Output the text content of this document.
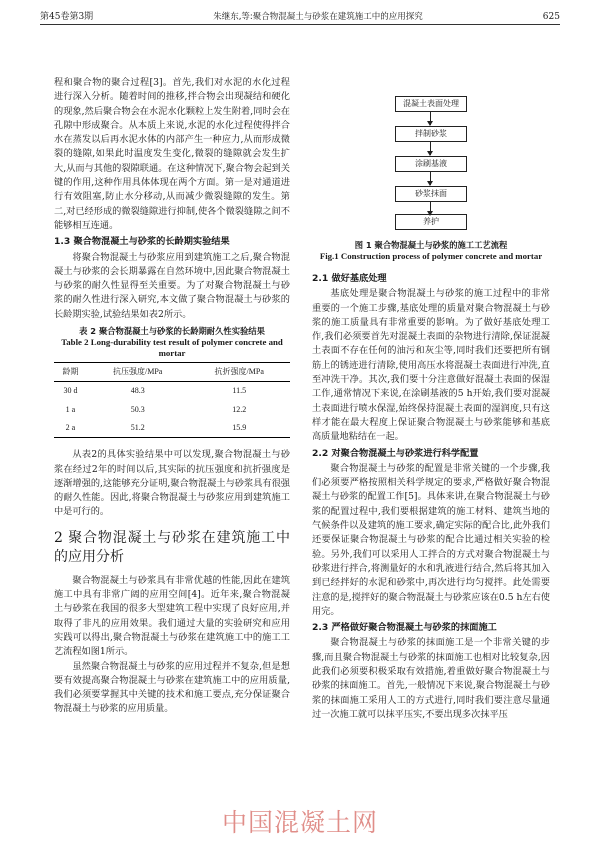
第45卷第3期	朱继东,等:聚合物混凝土与砂浆在建筑施工中的应用探究	625

程和聚合物的聚合过程[3]。首先,我们对水泥的水化过程进行深入分析。随着时间的推移,拌合物会出现凝结和硬化的现象,然后聚合物会在水泥水化颗粒上发生附着,同时会在孔隙中形成聚合。从本质上来说,水泥的水化过程使得拌合水在蒸发以后再水泥水体的内部产生一种应力,从而形成微裂的缝隙,如果此时温度发生变化,微裂的缝隙就会发生扩大,从而与其他的裂隙联通。在这种情况下,聚合物会起到关键的作用,这种作用具体体现在两个方面。第一是对通道进行有效阻塞,防止水分移动,从而减少微裂缝隙的发生。第二,对已经形成的微裂缝隙进行抑制,使各个微裂缝隙之间不能够相互连通。

1.3 聚合物混凝土与砂浆的长龄期实验结果

将聚合物混凝土与砂浆应用到建筑施工之后,聚合物混凝土与砂浆的会长期暴露在自然环境中,因此聚合物混凝土与砂浆的耐久性显得至关重要。为了对聚合物混凝土与砂浆的耐久性进行深入研究,本文做了聚合物混凝土与砂浆的长龄期实验,试验结果如表2所示。

表 2 聚合物混凝土与砂浆的长龄期耐久性实验结果
Table 2 Long-durability test result of polymer concrete and mortar
龄期	抗压强度/MPa	抗折强度/MPa
30 d	48.3	11.5
1 a	50.3	12.2
2 a	51.2	15.9

从表2的具体实验结果中可以发现,聚合物混凝土与砂浆在经过2年的时间以后,其实际的抗压强度和抗折强度是逐渐增强的,这能够充分证明,聚合物混凝土与砂浆具有很强的耐久性能。因此,将聚合物混凝土与砂浆应用到建筑施工中是可行的。

2 聚合物混凝土与砂浆在建筑施工中的应用分析

聚合物混凝土与砂浆具有非常优越的性能,因此在建筑施工中具有非常广阔的应用空间[4]。近年来,聚合物混凝土与砂浆在我国的很多大型建筑工程中实现了良好应用,并取得了非凡的应用效果。我们通过大量的实验研究和应用实践可以得出,聚合物混凝土与砂浆在建筑施工中的施工工艺流程如图1所示。

虽然聚合物混凝土与砂浆的应用过程并不复杂,但是想要有效提高聚合物混凝土与砂浆在建筑施工中的应用质量,我们必须要掌握其中关键的技术和施工要点,充分保证聚合物混凝土与砂浆的应用质量。

混凝土表面处理
拌制砂浆
涂刷基液
砂浆抹面
养护
图 1 聚合物混凝土与砂浆的施工工艺流程
Fig.1 Construction process of polymer concrete and mortar
2.1 做好基底处理

基底处理是聚合物混凝土与砂浆的施工过程中的非常重要的一个施工步骤,基底处理的质量对聚合物混凝土与砂浆的施工质量具有非常重要的影响。为了做好基底处理工作,我们必须要首先对混凝土表面的杂物进行清除,保证混凝土表面不存在任何的油污和灰尘等,同时我们还要把所有钢筋上的锈迹进行清除,使用高压水将混凝土表面进行冲洗,直至冲洗干净。其次,我们要十分注意做好混凝土表面的保湿工作,通常情况下来说,在涂刷基液的5 h开始,我们要对混凝土表面进行喷水保湿,始终保持混凝土表面的湿润度,只有这样才能在最大程度上保证聚合物混凝土与砂浆能够和基底高质量地粘结在一起。

2.2 对聚合物混凝土与砂浆进行科学配置

聚合物混凝土与砂浆的配置是非常关键的一个步骤,我们必须要严格按照相关科学规定的要求,严格做好聚合物混凝土与砂浆的配置工作[5]。具体来讲,在聚合物混凝土与砂浆的配置过程中,我们要根据建筑的施工材料、建筑当地的气候条件以及建筑的施工要求,确定实际的配合比,此外我们还要保证聚合物混凝土与砂浆的配合比通过相关实验的检验。另外,我们可以采用人工拌合的方式对聚合物混凝土与砂浆进行拌合,将测量好的水和乳液进行结合,然后将其加入到已经拌好的水泥和砂浆中,再次进行均匀搅拌。此处需要注意的是,搅拌好的聚合物混凝土与砂浆应该在0.5 h左右使用完。

2.3 严格做好聚合物混凝土与砂浆的抹面施工

聚合物混凝土与砂浆的抹面施工是一个非常关键的步骤,而且聚合物混凝土与砂浆的抹面施工也相对比较复杂,因此我们必须要积极采取有效措施,着重做好聚合物混凝土与砂浆的抹面施工。首先,一般情况下来说,聚合物混凝土与砂浆的抹面施工采用人工的方式进行,同时我们要注意尽量通过一次施工就可以抹平压实,不要出现多次抹平压

中国混凝土网
